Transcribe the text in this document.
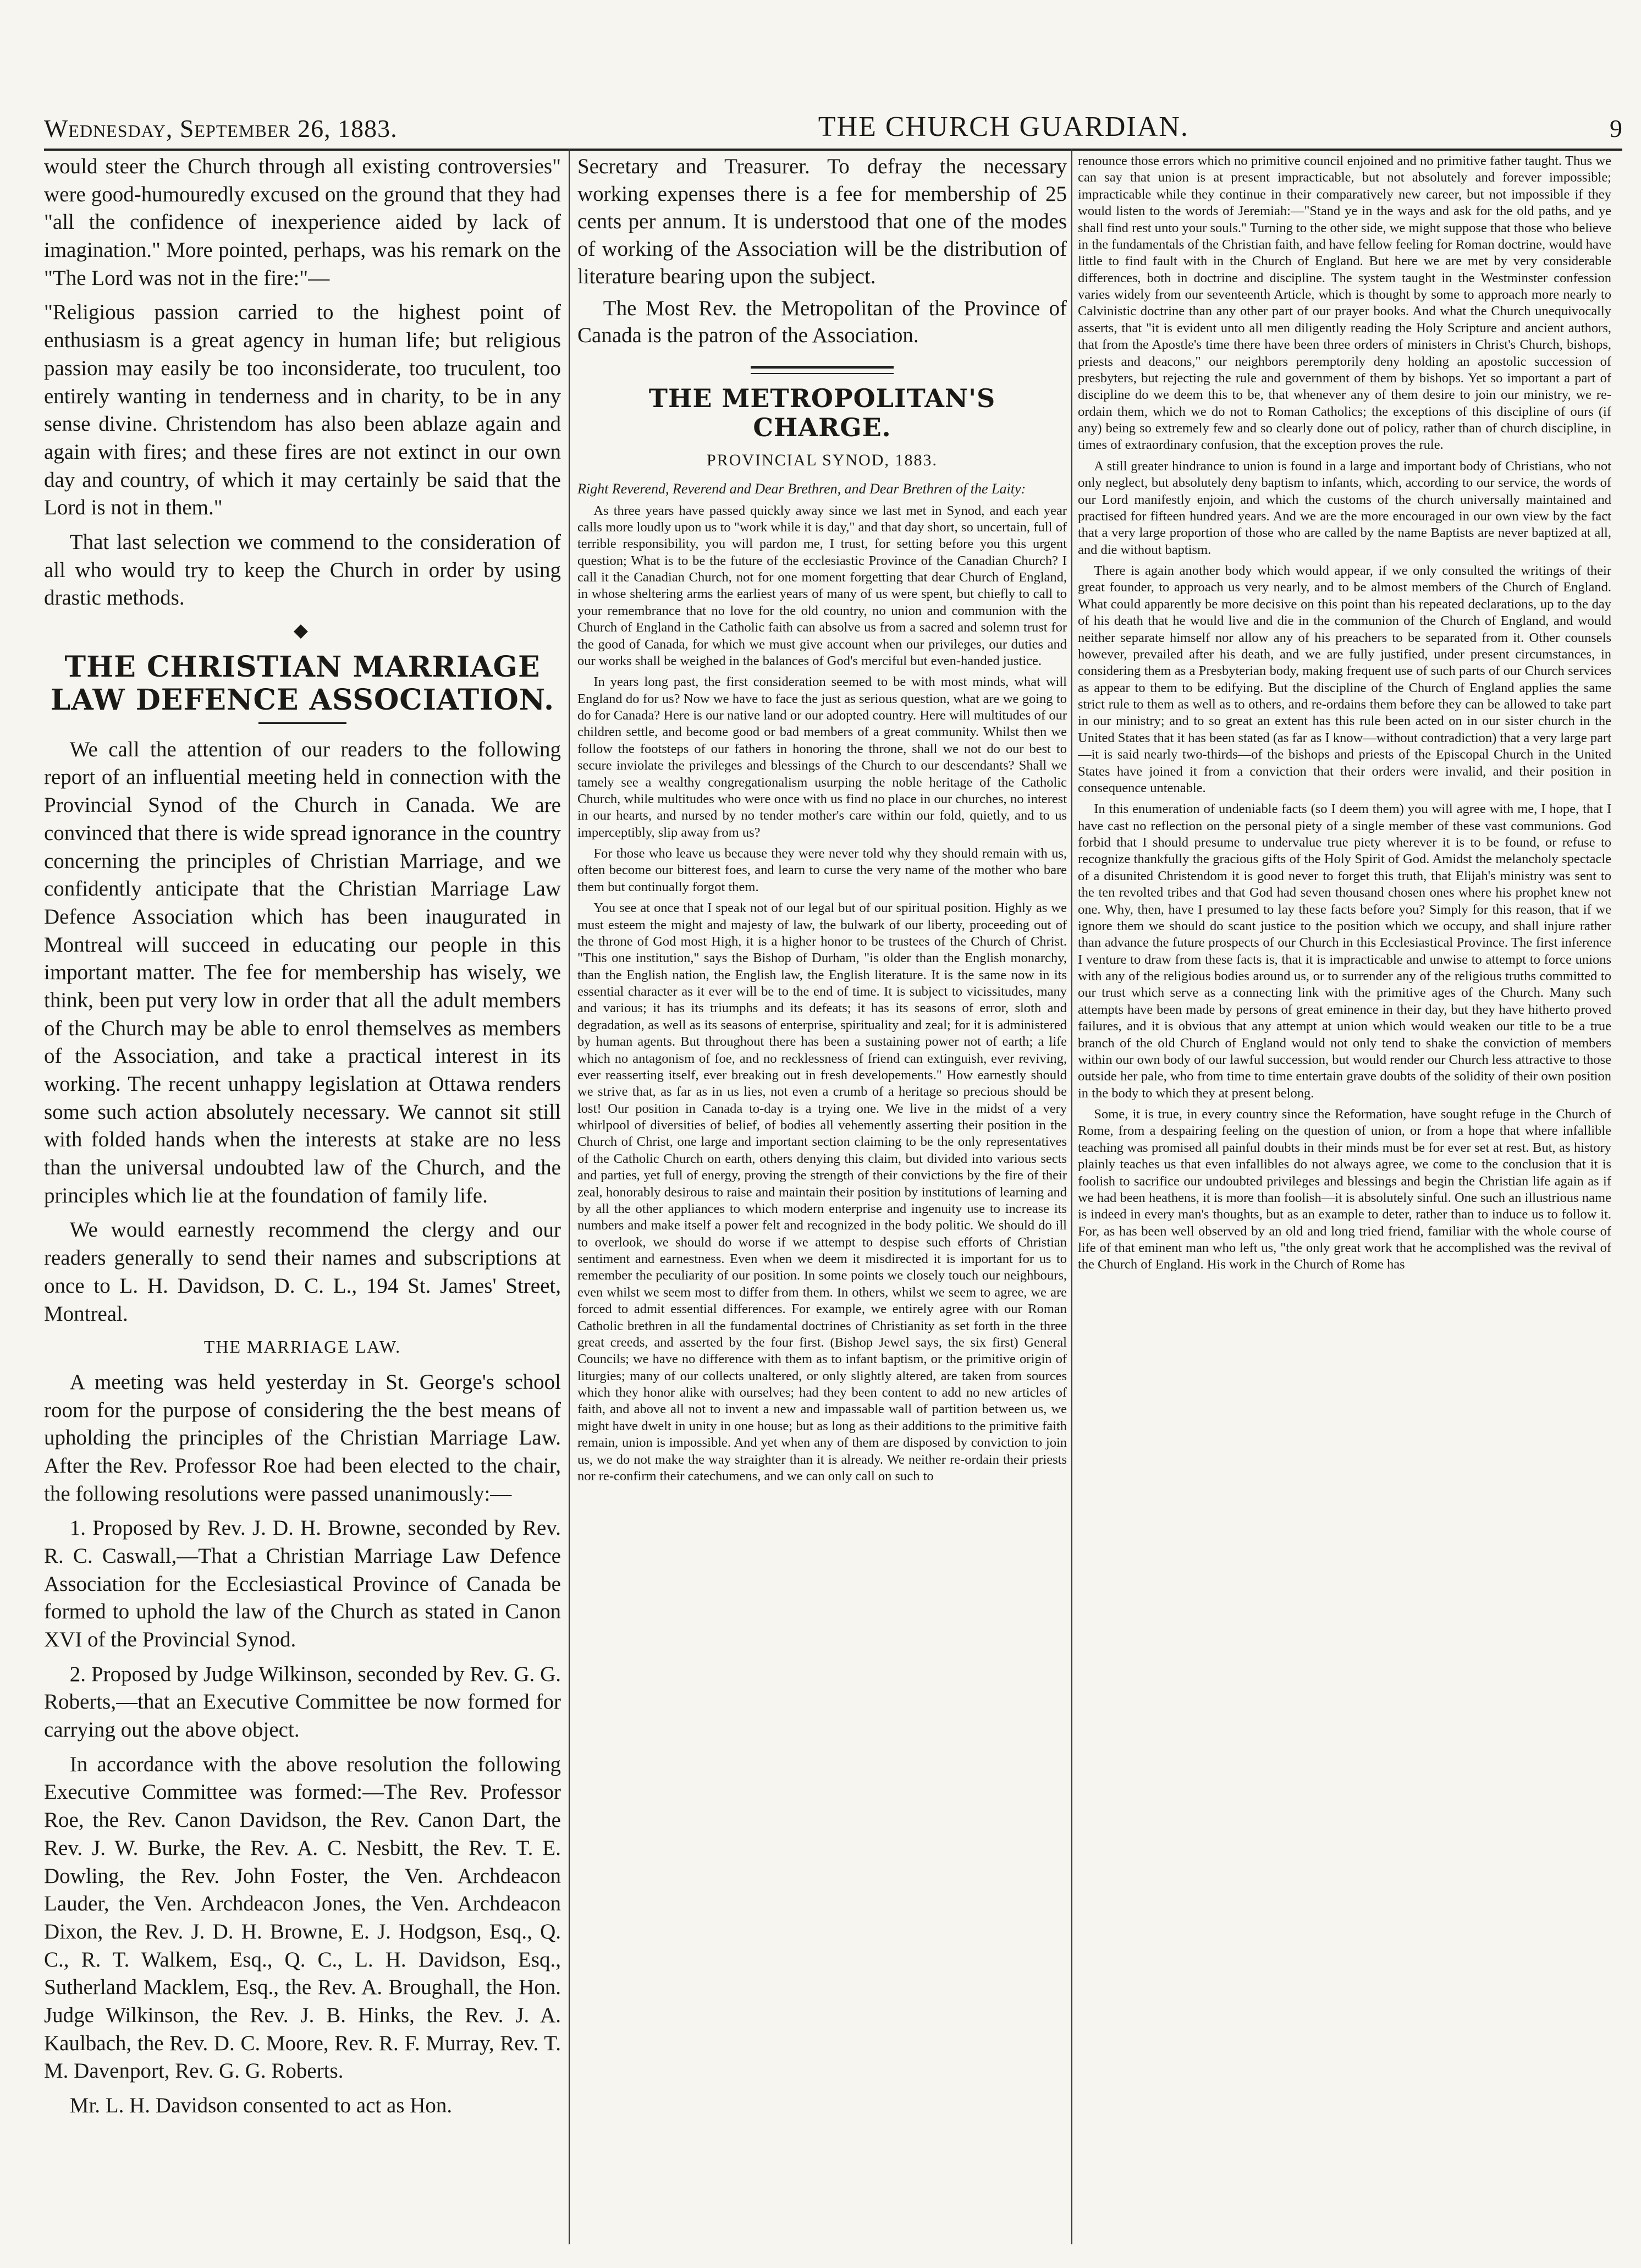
Wednesday, September 26, 1883.	THE CHURCH GUARDIAN.	9

would steer the Church through all existing controversies" were good-humouredly excused on the ground that they had "all the confidence of inexperience aided by lack of imagination." More pointed, perhaps, was his remark on the "The Lord was not in the fire:"—

"Religious passion carried to the highest point of enthusiasm is a great agency in human life; but religious passion may easily be too inconsiderate, too truculent, too entirely wanting in tenderness and in charity, to be in any sense divine. Christendom has also been ablaze again and again with fires; and these fires are not extinct in our own day and country, of which it may certainly be said that the Lord is not in them."

That last selection we commend to the consideration of all who would try to keep the Church in order by using drastic methods.

◆
THE CHRISTIAN MARRIAGE LAW DEFENCE ASSOCIATION.

We call the attention of our readers to the following report of an influential meeting held in connection with the Provincial Synod of the Church in Canada. We are convinced that there is wide spread ignorance in the country concerning the principles of Christian Marriage, and we confidently anticipate that the Christian Marriage Law Defence Association which has been inaugurated in Montreal will succeed in educating our people in this important matter. The fee for membership has wisely, we think, been put very low in order that all the adult members of the Church may be able to enrol themselves as members of the Association, and take a practical interest in its working. The recent unhappy legislation at Ottawa renders some such action absolutely necessary. We cannot sit still with folded hands when the interests at stake are no less than the universal undoubted law of the Church, and the principles which lie at the foundation of family life.

We would earnestly recommend the clergy and our readers generally to send their names and subscriptions at once to L. H. Davidson, D. C. L., 194 St. James' Street, Montreal.

THE MARRIAGE LAW.

A meeting was held yesterday in St. George's school room for the purpose of considering the the best means of upholding the principles of the Christian Marriage Law. After the Rev. Professor Roe had been elected to the chair, the following resolutions were passed unanimously:—

1. Proposed by Rev. J. D. H. Browne, seconded by Rev. R. C. Caswall,—That a Christian Marriage Law Defence Association for the Ecclesiastical Province of Canada be formed to uphold the law of the Church as stated in Canon XVI of the Provincial Synod.

2. Proposed by Judge Wilkinson, seconded by Rev. G. G. Roberts,—that an Executive Committee be now formed for carrying out the above object.

In accordance with the above resolution the following Executive Committee was formed:—The Rev. Professor Roe, the Rev. Canon Davidson, the Rev. Canon Dart, the Rev. J. W. Burke, the Rev. A. C. Nesbitt, the Rev. T. E. Dowling, the Rev. John Foster, the Ven. Archdeacon Lauder, the Ven. Archdeacon Jones, the Ven. Archdeacon Dixon, the Rev. J. D. H. Browne, E. J. Hodgson, Esq., Q. C., R. T. Walkem, Esq., Q. C., L. H. Davidson, Esq., Sutherland Macklem, Esq., the Rev. A. Broughall, the Hon. Judge Wilkinson, the Rev. J. B. Hinks, the Rev. J. A. Kaulbach, the Rev. D. C. Moore, Rev. R. F. Murray, Rev. T. M. Davenport, Rev. G. G. Roberts.

Mr. L. H. Davidson consented to act as Hon.

Secretary and Treasurer. To defray the necessary working expenses there is a fee for membership of 25 cents per annum. It is understood that one of the modes of working of the Association will be the distribution of literature bearing upon the subject.

The Most Rev. the Metropolitan of the Province of Canada is the patron of the Association.

THE METROPOLITAN'S CHARGE.
PROVINCIAL SYNOD, 1883.

Right Reverend, Reverend and Dear Brethren, and Dear Brethren of the Laity:

As three years have passed quickly away since we last met in Synod, and each year calls more loudly upon us to "work while it is day," and that day short, so uncertain, full of terrible responsibility, you will pardon me, I trust, for setting before you this urgent question; What is to be the future of the ecclesiastic Province of the Canadian Church? I call it the Canadian Church, not for one moment forgetting that dear Church of England, in whose sheltering arms the earliest years of many of us were spent, but chiefly to call to your remembrance that no love for the old country, no union and communion with the Church of England in the Catholic faith can absolve us from a sacred and solemn trust for the good of Canada, for which we must give account when our privileges, our duties and our works shall be weighed in the balances of God's merciful but even-handed justice.

In years long past, the first consideration seemed to be with most minds, what will England do for us? Now we have to face the just as serious question, what are we going to do for Canada? Here is our native land or our adopted country. Here will multitudes of our children settle, and become good or bad members of a great community. Whilst then we follow the footsteps of our fathers in honoring the throne, shall we not do our best to secure inviolate the privileges and blessings of the Church to our descendants? Shall we tamely see a wealthy congregationalism usurping the noble heritage of the Catholic Church, while multitudes who were once with us find no place in our churches, no interest in our hearts, and nursed by no tender mother's care within our fold, quietly, and to us imperceptibly, slip away from us?

For those who leave us because they were never told why they should remain with us, often become our bitterest foes, and learn to curse the very name of the mother who bare them but continually forgot them.

You see at once that I speak not of our legal but of our spiritual position. Highly as we must esteem the might and majesty of law, the bulwark of our liberty, proceeding out of the throne of God most High, it is a higher honor to be trustees of the Church of Christ. "This one institution," says the Bishop of Durham, "is older than the English monarchy, than the English nation, the English law, the English literature. It is the same now in its essential character as it ever will be to the end of time. It is subject to vicissitudes, many and various; it has its triumphs and its defeats; it has its seasons of error, sloth and degradation, as well as its seasons of enterprise, spirituality and zeal; for it is administered by human agents. But throughout there has been a sustaining power not of earth; a life which no antagonism of foe, and no recklessness of friend can extinguish, ever reviving, ever reasserting itself, ever breaking out in fresh developements." How earnestly should we strive that, as far as in us lies, not even a crumb of a heritage so precious should be lost! Our position in Canada to-day is a trying one. We live in the midst of a very whirlpool of diversities of belief, of bodies all vehemently asserting their position in the Church of Christ, one large and important section claiming to be the only representatives of the Catholic Church on earth, others denying this claim, but divided into various sects and parties, yet full of energy, proving the strength of their convictions by the fire of their zeal, honorably desirous to raise and maintain their position by institutions of learning and by all the other appliances to which modern enterprise and ingenuity use to increase its numbers and make itself a power felt and recognized in the body politic. We should do ill to overlook, we should do worse if we attempt to despise such efforts of Christian sentiment and earnestness. Even when we deem it misdirected it is important for us to remember the peculiarity of our position. In some points we closely touch our neighbours, even whilst we seem most to differ from them. In others, whilst we seem to agree, we are forced to admit essential differences. For example, we entirely agree with our Roman Catholic brethren in all the fundamental doctrines of Christianity as set forth in the three great creeds, and asserted by the four first. (Bishop Jewel says, the six first) General Councils; we have no difference with them as to infant baptism, or the primitive origin of liturgies; many of our collects unaltered, or only slightly altered, are taken from sources which they honor alike with ourselves; had they been content to add no new articles of faith, and above all not to invent a new and impassable wall of partition between us, we might have dwelt in unity in one house; but as long as their additions to the primitive faith remain, union is impossible. And yet when any of them are disposed by conviction to join us, we do not make the way straighter than it is already. We neither re-ordain their priests nor re-confirm their catechumens, and we can only call on such to

renounce those errors which no primitive council enjoined and no primitive father taught. Thus we can say that union is at present impracticable, but not absolutely and forever impossible; impracticable while they continue in their comparatively new career, but not impossible if they would listen to the words of Jeremiah:—"Stand ye in the ways and ask for the old paths, and ye shall find rest unto your souls." Turning to the other side, we might suppose that those who believe in the fundamentals of the Christian faith, and have fellow feeling for Roman doctrine, would have little to find fault with in the Church of England. But here we are met by very considerable differences, both in doctrine and discipline. The system taught in the Westminster confession varies widely from our seventeenth Article, which is thought by some to approach more nearly to Calvinistic doctrine than any other part of our prayer books. And what the Church unequivocally asserts, that "it is evident unto all men diligently reading the Holy Scripture and ancient authors, that from the Apostle's time there have been three orders of ministers in Christ's Church, bishops, priests and deacons," our neighbors peremptorily deny holding an apostolic succession of presbyters, but rejecting the rule and government of them by bishops. Yet so important a part of discipline do we deem this to be, that whenever any of them desire to join our ministry, we re-ordain them, which we do not to Roman Catholics; the exceptions of this discipline of ours (if any) being so extremely few and so clearly done out of policy, rather than of church discipline, in times of extraordinary confusion, that the exception proves the rule.

A still greater hindrance to union is found in a large and important body of Christians, who not only neglect, but absolutely deny baptism to infants, which, according to our service, the words of our Lord manifestly enjoin, and which the customs of the church universally maintained and practised for fifteen hundred years. And we are the more encouraged in our own view by the fact that a very large proportion of those who are called by the name Baptists are never baptized at all, and die without baptism.

There is again another body which would appear, if we only consulted the writings of their great founder, to approach us very nearly, and to be almost members of the Church of England. What could apparently be more decisive on this point than his repeated declarations, up to the day of his death that he would live and die in the communion of the Church of England, and would neither separate himself nor allow any of his preachers to be separated from it. Other counsels however, prevailed after his death, and we are fully justified, under present circumstances, in considering them as a Presbyterian body, making frequent use of such parts of our Church services as appear to them to be edifying. But the discipline of the Church of England applies the same strict rule to them as well as to others, and re-ordains them before they can be allowed to take part in our ministry; and to so great an extent has this rule been acted on in our sister church in the United States that it has been stated (as far as I know—without contradiction) that a very large part—it is said nearly two-thirds—of the bishops and priests of the Episcopal Church in the United States have joined it from a conviction that their orders were invalid, and their position in consequence untenable.

In this enumeration of undeniable facts (so I deem them) you will agree with me, I hope, that I have cast no reflection on the personal piety of a single member of these vast communions. God forbid that I should presume to undervalue true piety wherever it is to be found, or refuse to recognize thankfully the gracious gifts of the Holy Spirit of God. Amidst the melancholy spectacle of a disunited Christendom it is good never to forget this truth, that Elijah's ministry was sent to the ten revolted tribes and that God had seven thousand chosen ones where his prophet knew not one. Why, then, have I presumed to lay these facts before you? Simply for this reason, that if we ignore them we should do scant justice to the position which we occupy, and shall injure rather than advance the future prospects of our Church in this Ecclesiastical Province. The first inference I venture to draw from these facts is, that it is impracticable and unwise to attempt to force unions with any of the religious bodies around us, or to surrender any of the religious truths committed to our trust which serve as a connecting link with the primitive ages of the Church. Many such attempts have been made by persons of great eminence in their day, but they have hitherto proved failures, and it is obvious that any attempt at union which would weaken our title to be a true branch of the old Church of England would not only tend to shake the conviction of members within our own body of our lawful succession, but would render our Church less attractive to those outside her pale, who from time to time entertain grave doubts of the solidity of their own position in the body to which they at present belong.

Some, it is true, in every country since the Reformation, have sought refuge in the Church of Rome, from a despairing feeling on the question of union, or from a hope that where infallible teaching was promised all painful doubts in their minds must be for ever set at rest. But, as history plainly teaches us that even infallibles do not always agree, we come to the conclusion that it is foolish to sacrifice our undoubted privileges and blessings and begin the Christian life again as if we had been heathens, it is more than foolish—it is absolutely sinful. One such an illustrious name is indeed in every man's thoughts, but as an example to deter, rather than to induce us to follow it. For, as has been well observed by an old and long tried friend, familiar with the whole course of life of that eminent man who left us, "the only great work that he accomplished was the revival of the Church of England. His work in the Church of Rome has
